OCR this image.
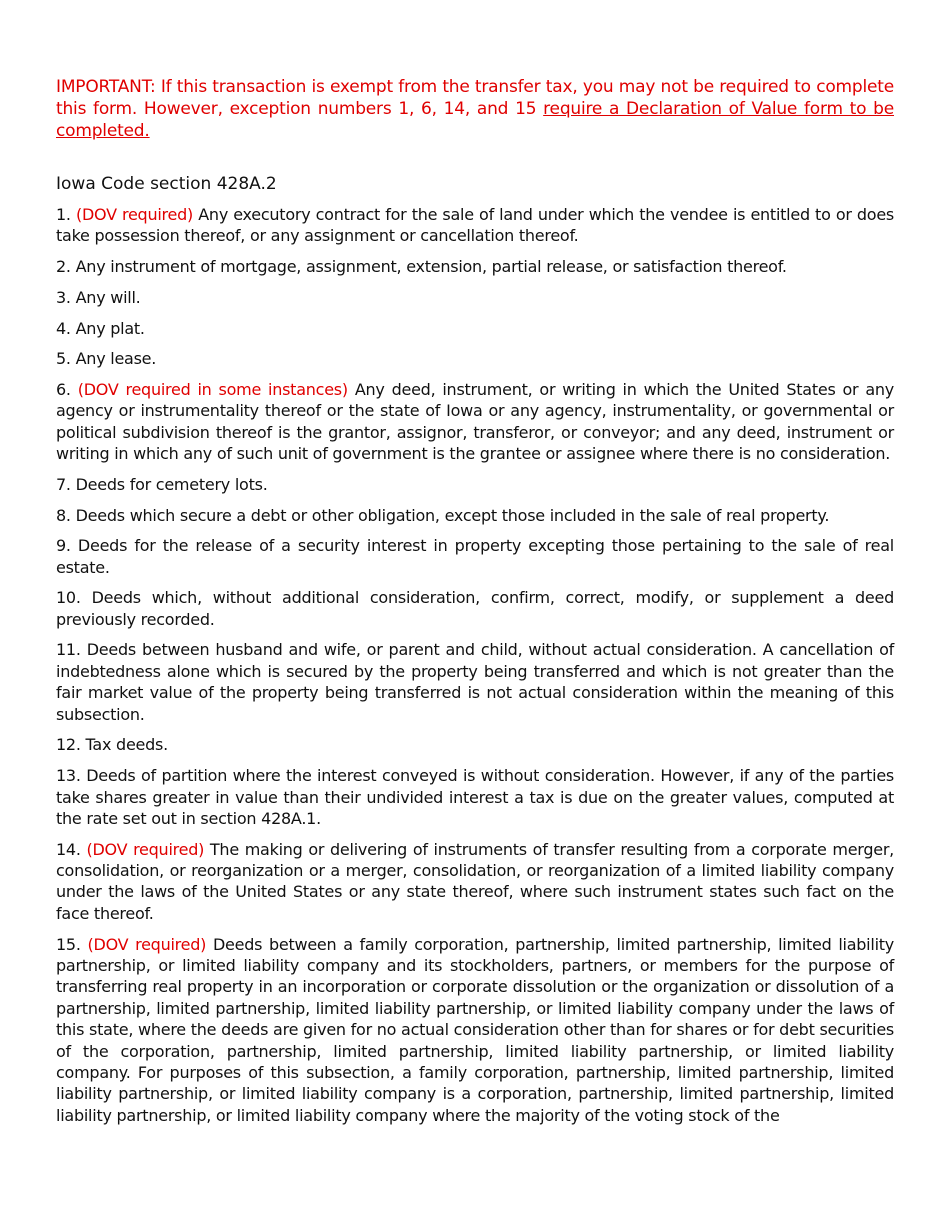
IMPORTANT: If this transaction is exempt from the transfer tax, you may not be required to complete this form. However, exception numbers 1, 6, 14, and 15 require a Declaration of Value form to be completed.

Iowa Code section 428A.2

1. (DOV required) Any executory contract for the sale of land under which the vendee is entitled to or does take possession thereof, or any assignment or cancellation thereof.

2. Any instrument of mortgage, assignment, extension, partial release, or satisfaction thereof.

3. Any will.

4. Any plat.

5. Any lease.

6. (DOV required in some instances) Any deed, instrument, or writing in which the United States or any agency or instrumentality thereof or the state of Iowa or any agency, instrumentality, or governmental or political subdivision thereof is the grantor, assignor, transferor, or conveyor; and any deed, instrument or writing in which any of such unit of government is the grantee or assignee where there is no consideration.

7. Deeds for cemetery lots.

8. Deeds which secure a debt or other obligation, except those included in the sale of real property.

9. Deeds for the release of a security interest in property excepting those pertaining to the sale of real estate.

10. Deeds which, without additional consideration, confirm, correct, modify, or supplement a deed previously recorded.

11. Deeds between husband and wife, or parent and child, without actual consideration. A cancellation of indebtedness alone which is secured by the property being transferred and which is not greater than the fair market value of the property being transferred is not actual consideration within the meaning of this subsection.

12. Tax deeds.

13. Deeds of partition where the interest conveyed is without consideration. However, if any of the parties take shares greater in value than their undivided interest a tax is due on the greater values, computed at the rate set out in section 428A.1.

14. (DOV required) The making or delivering of instruments of transfer resulting from a corporate merger, consolidation, or reorganization or a merger, consolidation, or reorganization of a limited liability company under the laws of the United States or any state thereof, where such instrument states such fact on the face thereof.

15. (DOV required) Deeds between a family corporation, partnership, limited partnership, limited liability partnership, or limited liability company and its stockholders, partners, or members for the purpose of transferring real property in an incorporation or corporate dissolution or the organization or dissolution of a partnership, limited partnership, limited liability partnership, or limited liability company under the laws of this state, where the deeds are given for no actual consideration other than for shares or for debt securities of the corporation, partnership, limited partnership, limited liability partnership, or limited liability company. For purposes of this subsection, a family corporation, partnership, limited partnership, limited liability partnership, or limited liability company is a corporation, partnership, limited partnership, limited liability partnership, or limited liability company where the majority of the voting stock of the
